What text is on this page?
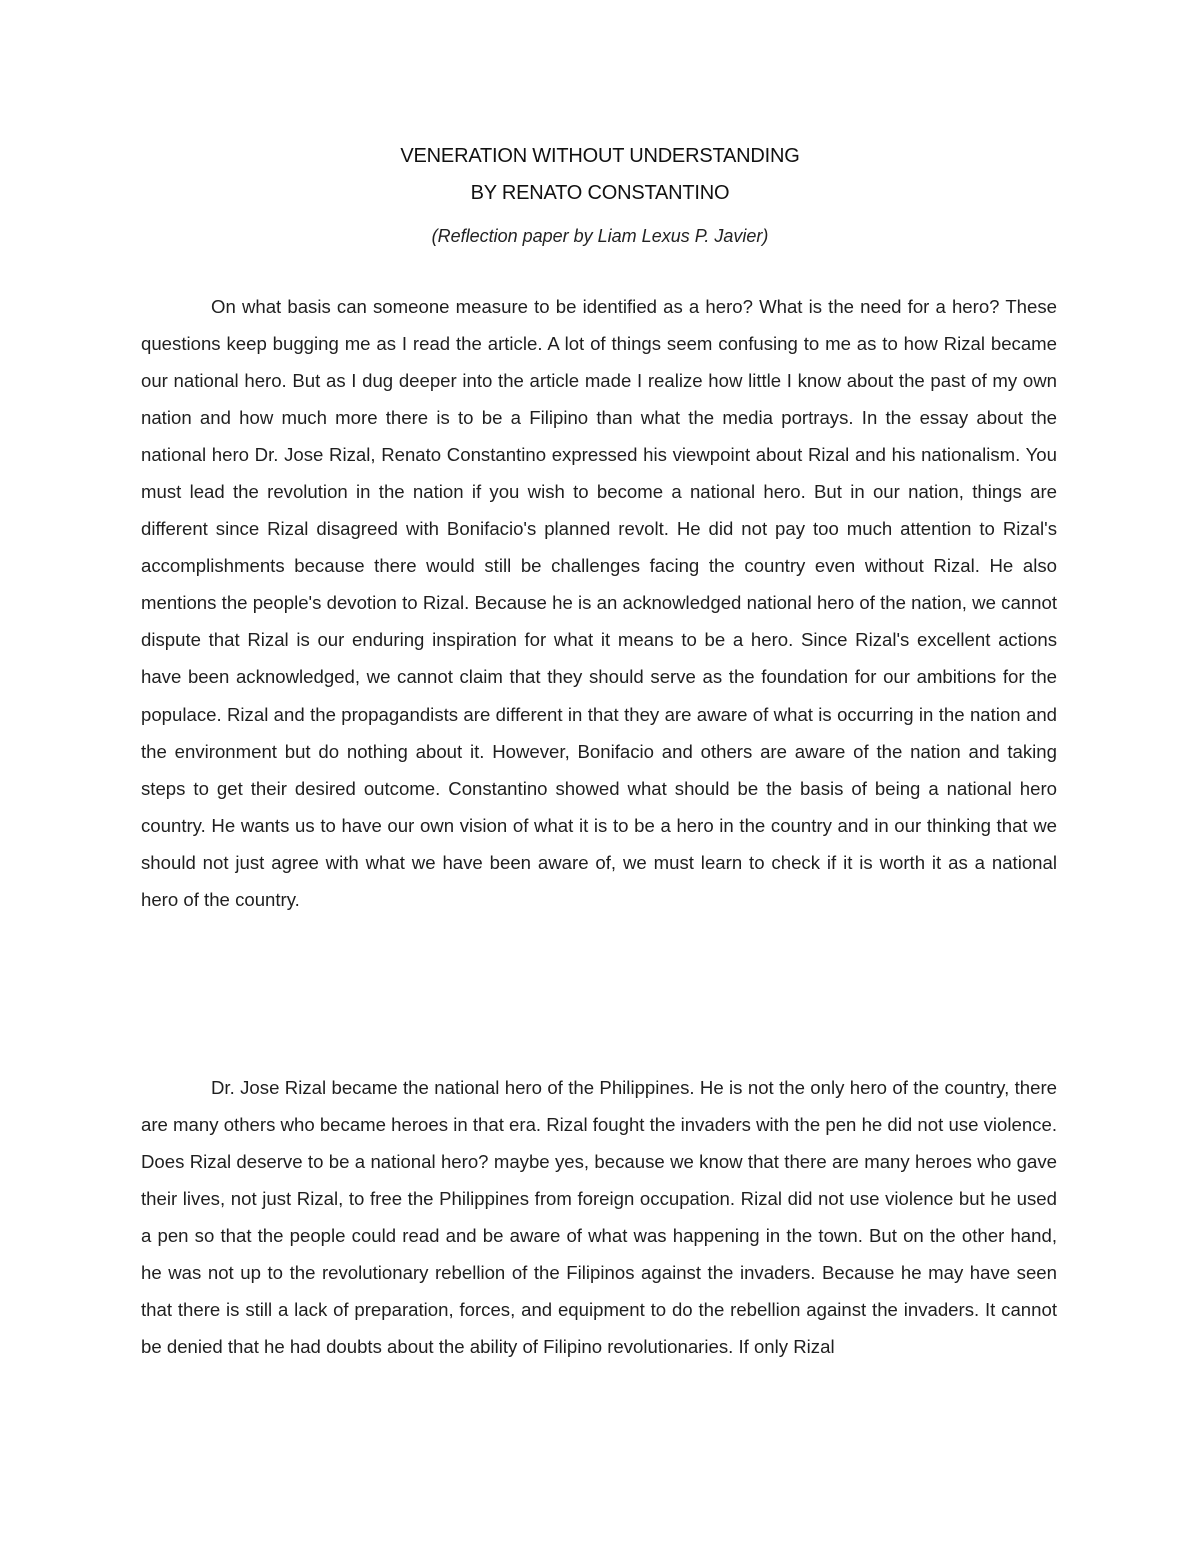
VENERATION WITHOUT UNDERSTANDING
BY RENATO CONSTANTINO
(Reflection paper by Liam Lexus P. Javier)

On what basis can someone measure to be identified as a hero? What is the need for a hero? These questions keep bugging me as I read the article. A lot of things seem confusing to me as to how Rizal became our national hero. But as I dug deeper into the article made I realize how little I know about the past of my own nation and how much more there is to be a Filipino than what the media portrays. In the essay about the national hero Dr. Jose Rizal, Renato Constantino expressed his viewpoint about Rizal and his nationalism. You must lead the revolution in the nation if you wish to become a national hero. But in our nation, things are different since Rizal disagreed with Bonifacio's planned revolt. He did not pay too much attention to Rizal's accomplishments because there would still be challenges facing the country even without Rizal. He also mentions the people's devotion to Rizal. Because he is an acknowledged national hero of the nation, we cannot dispute that Rizal is our enduring inspiration for what it means to be a hero. Since Rizal's excellent actions have been acknowledged, we cannot claim that they should serve as the foundation for our ambitions for the populace. Rizal and the propagandists are different in that they are aware of what is occurring in the nation and the environment but do nothing about it. However, Bonifacio and others are aware of the nation and taking steps to get their desired outcome. Constantino showed what should be the basis of being a national hero country. He wants us to have our own vision of what it is to be a hero in the country and in our thinking that we should not just agree with what we have been aware of, we must learn to check if it is worth it as a national hero of the country.

Dr. Jose Rizal became the national hero of the Philippines. He is not the only hero of the country, there are many others who became heroes in that era. Rizal fought the invaders with the pen he did not use violence. Does Rizal deserve to be a national hero? maybe yes, because we know that there are many heroes who gave their lives, not just Rizal, to free the Philippines from foreign occupation. Rizal did not use violence but he used a pen so that the people could read and be aware of what was happening in the town. But on the other hand, he was not up to the revolutionary rebellion of the Filipinos against the invaders. Because he may have seen that there is still a lack of preparation, forces, and equipment to do the rebellion against the invaders. It cannot be denied that he had doubts about the ability of Filipino revolutionaries. If only Rizal
